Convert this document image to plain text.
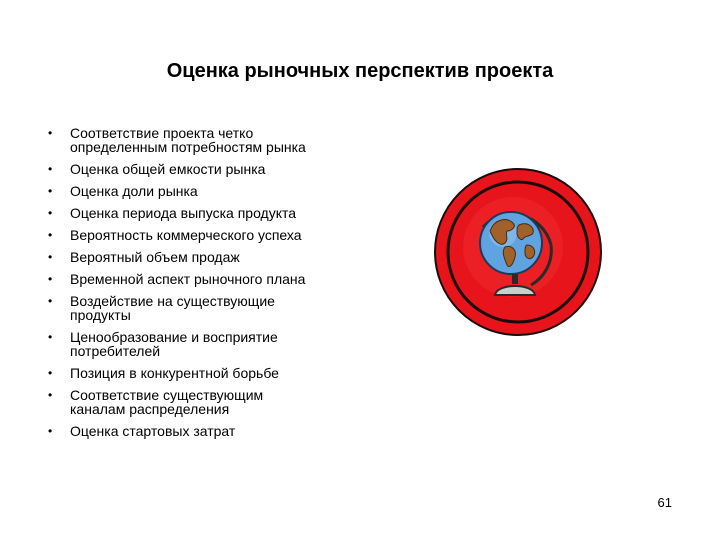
Оценка рыночных перспектив проекта
• Соответствие проекта четко
определенным потребностям рынка
• Оценка общей емкости рынка
• Оценка доли рынка
• Оценка периода выпуска продукта
• Вероятность коммерческого успеха
• Вероятный объем продаж
• Временной аспект рыночного плана
• Воздействие на существующие
продукты
• Ценообразование и восприятие
потребителей
• Позиция в конкурентной борьбе
• Соответствие существующим
каналам распределения
• Оценка стартовых затрат
61
